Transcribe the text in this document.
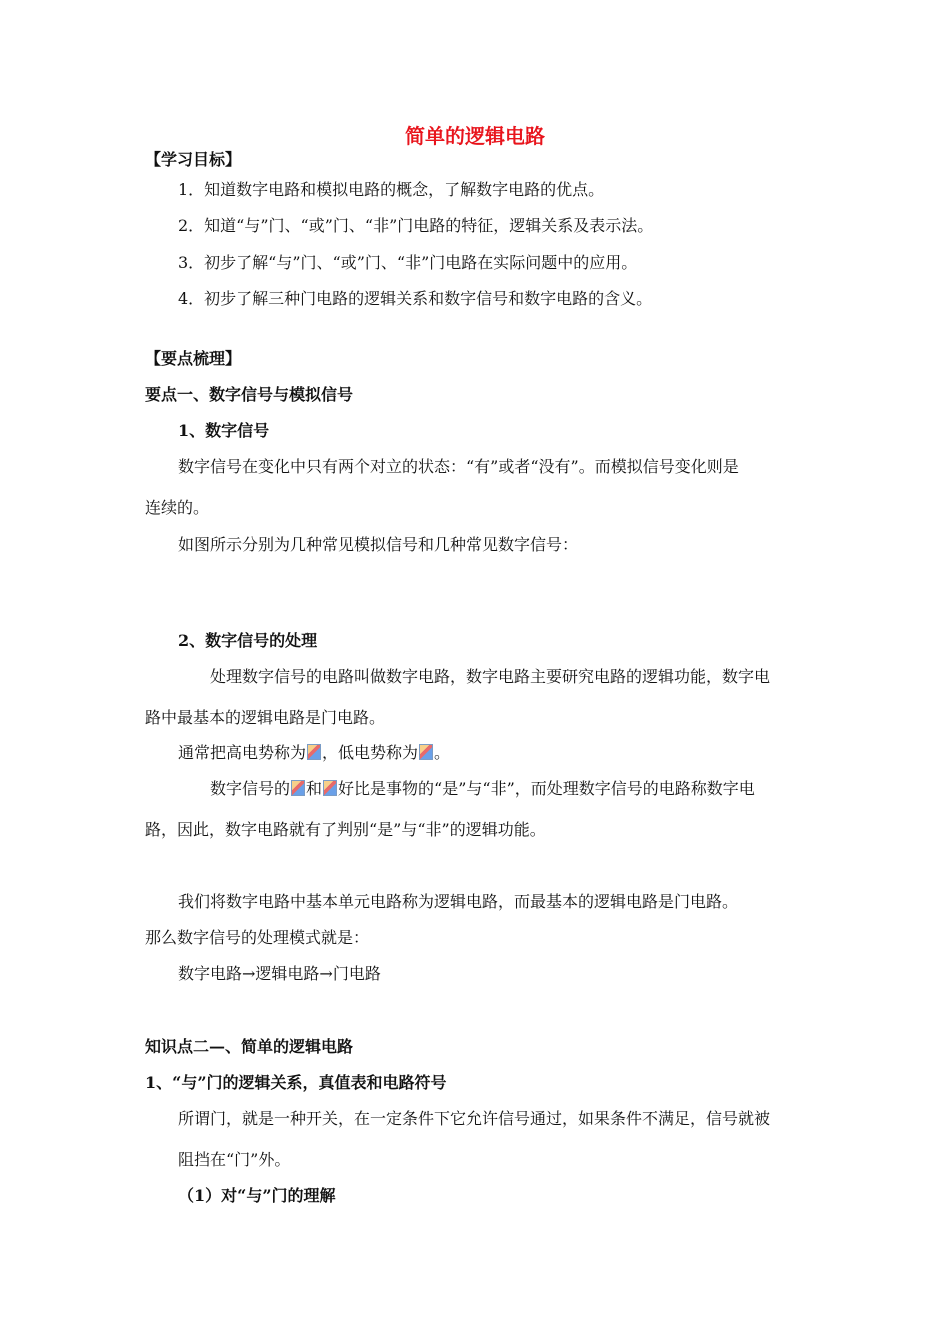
简单的逻辑电路
【学习目标】
1．知道数字电路和模拟电路的概念，了解数字电路的优点。
2．知道“与”门、“或”门、“非”门电路的特征，逻辑关系及表示法。
3．初步了解“与”门、“或”门、“非”门电路在实际问题中的应用。
4．初步了解三种门电路的逻辑关系和数字信号和数字电路的含义。
【要点梳理】
要点一、数字信号与模拟信号
1、数字信号
数字信号在变化中只有两个对立的状态：“有”或者“没有”。而模拟信号变化则是
连续的。
如图所示分别为几种常见模拟信号和几种常见数字信号：
2、数字信号的处理
处理数字信号的电路叫做数字电路，数字电路主要研究电路的逻辑功能，数字电
路中最基本的逻辑电路是门电路。
通常把高电势称为 ，低电势称为 。
数字信号的 和 好比是事物的“是”与“非”，而处理数字信号的电路称数字电
路，因此，数字电路就有了判别“是”与“非”的逻辑功能。
我们将数字电路中基本单元电路称为逻辑电路，而最基本的逻辑电路是门电路。
那么数字信号的处理模式就是：
数字电路→逻辑电路→门电路
知识点二—、简单的逻辑电路
1、“与”门的逻辑关系，真值表和电路符号
所谓门，就是一种开关，在一定条件下它允许信号通过，如果条件不满足，信号就被
阻挡在“门”外。
（1）对“与”门的理解
